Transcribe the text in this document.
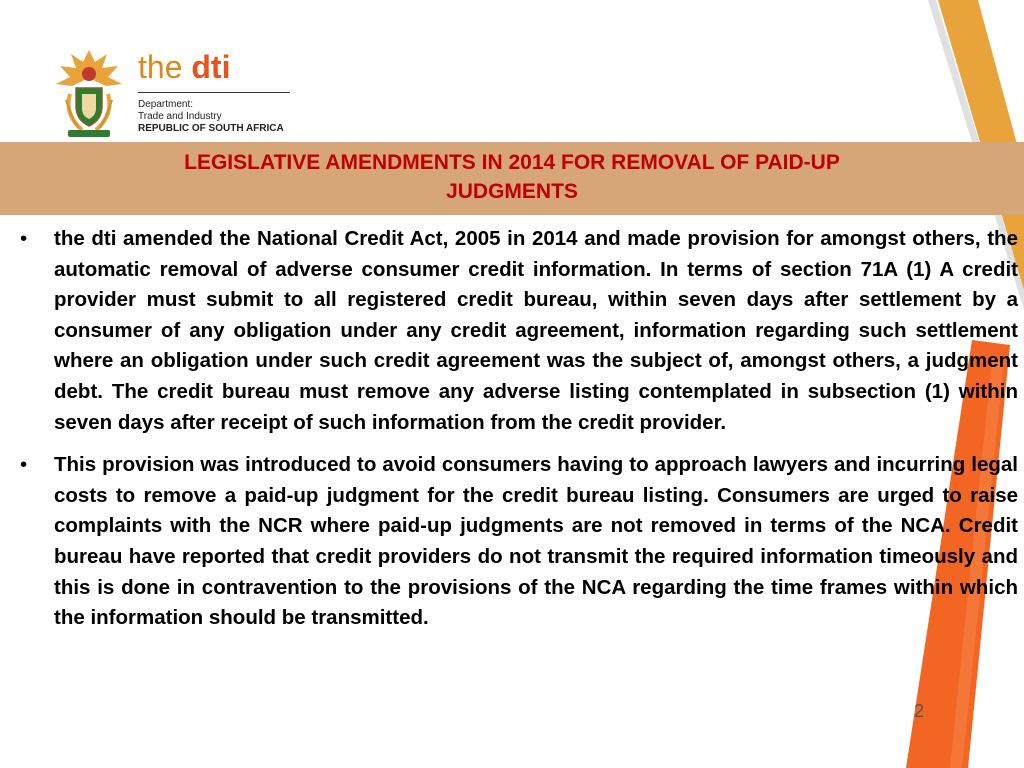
the dti
Department:
Trade and Industry
REPUBLIC OF SOUTH AFRICA
LEGISLATIVE AMENDMENTS IN 2014 FOR REMOVAL OF PAID-UP
JUDGMENTS
• the dti amended the National Credit Act, 2005 in 2014 and made provision for amongst others, the automatic removal of adverse consumer credit information. In terms of section 71A (1) A credit provider must submit to all registered credit bureau, within seven days after settlement by a consumer of any obligation under any credit agreement, information regarding such settlement where an obligation under such credit agreement was the subject of, amongst others, a judgment debt. The credit bureau must remove any adverse listing contemplated in subsection (1) within seven days after receipt of such information from the credit provider.
• This provision was introduced to avoid consumers having to approach lawyers and incurring legal costs to remove a paid-up judgment for the credit bureau listing. Consumers are urged to raise complaints with the NCR where paid-up judgments are not removed in terms of the NCA. Credit bureau have reported that credit providers do not transmit the required information timeously and this is done in contravention to the provisions of the NCA regarding the time frames within which the information should be transmitted.
2
